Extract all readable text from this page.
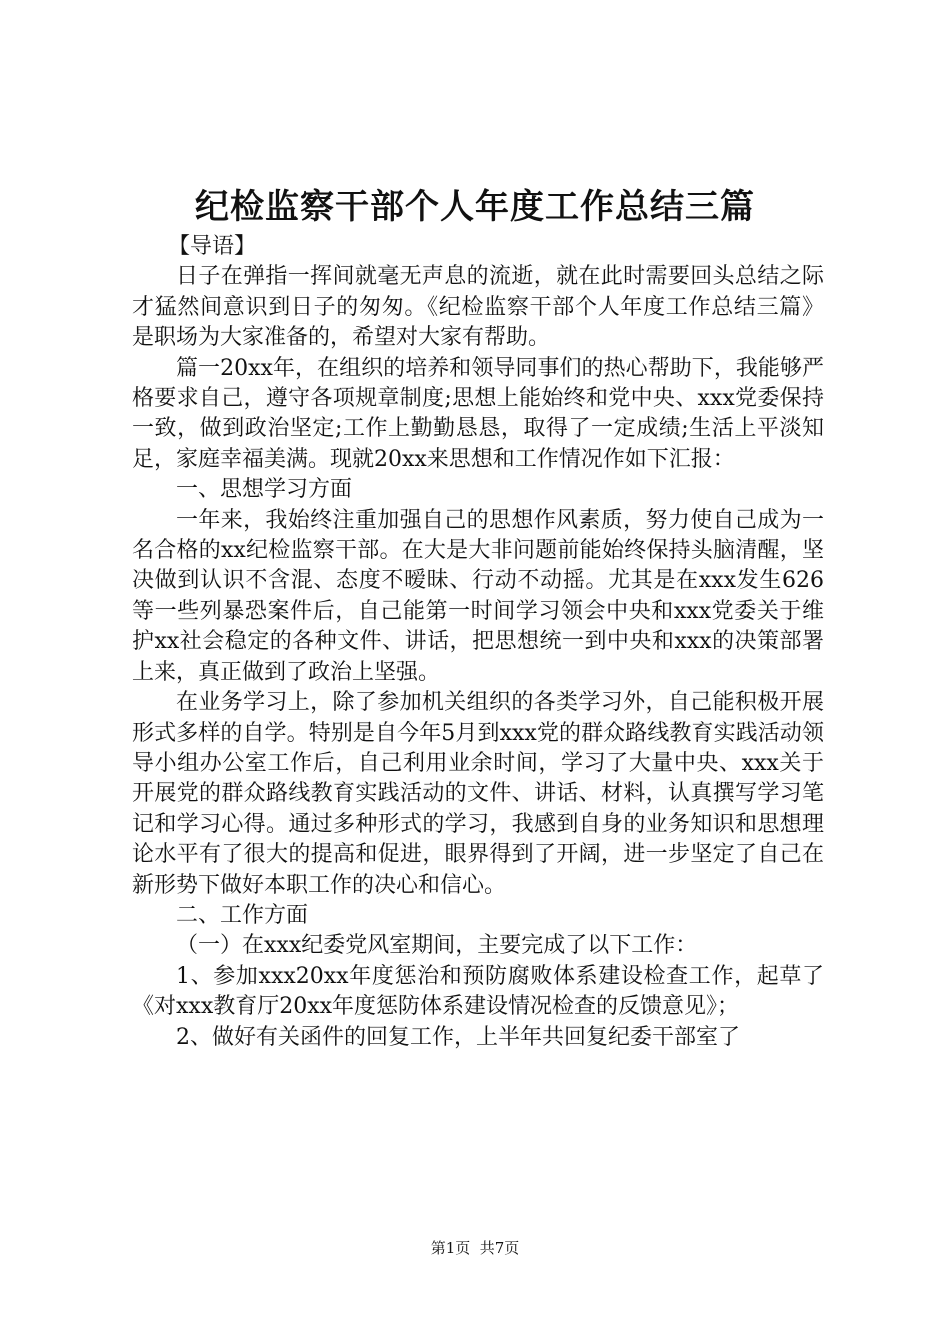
纪检监察干部个人年度工作总结三篇

【导语】

日子在弹指一挥间就毫无声息的流逝，就在此时需要回头总结之际才猛然间意识到日子的匆匆。《纪检监察干部个人年度工作总结三篇》是职场为大家准备的，希望对大家有帮助。

篇一20xx年，在组织的培养和领导同事们的热心帮助下，我能够严格要求自己，遵守各项规章制度;思想上能始终和党中央、xxx党委保持一致，做到政治坚定;工作上勤勤恳恳，取得了一定成绩;生活上平淡知足，家庭幸福美满。现就20xx来思想和工作情况作如下汇报：

一、思想学习方面

一年来，我始终注重加强自己的思想作风素质，努力使自己成为一名合格的xx纪检监察干部。在大是大非问题前能始终保持头脑清醒，坚决做到认识不含混、态度不暧昧、行动不动摇。尤其是在xxx发生626等一些列暴恐案件后，自己能第一时间学习领会中央和xxx党委关于维护xx社会稳定的各种文件、讲话，把思想统一到中央和xxx的决策部署上来，真正做到了政治上坚强。

在业务学习上，除了参加机关组织的各类学习外，自己能积极开展形式多样的自学。特别是自今年5月到xxx党的群众路线教育实践活动领导小组办公室工作后，自己利用业余时间，学习了大量中央、xxx关于开展党的群众路线教育实践活动的文件、讲话、材料，认真撰写学习笔记和学习心得。通过多种形式的学习，我感到自身的业务知识和思想理论水平有了很大的提高和促进，眼界得到了开阔，进一步坚定了自己在新形势下做好本职工作的决心和信心。

二、工作方面

（一）在xxx纪委党风室期间，主要完成了以下工作：

1、参加xxx20xx年度惩治和预防腐败体系建设检查工作，起草了《对xxx教育厅20xx年度惩防体系建设情况检查的反馈意见》；

2、做好有关函件的回复工作，上半年共回复纪委干部室了

第1页  共7页
